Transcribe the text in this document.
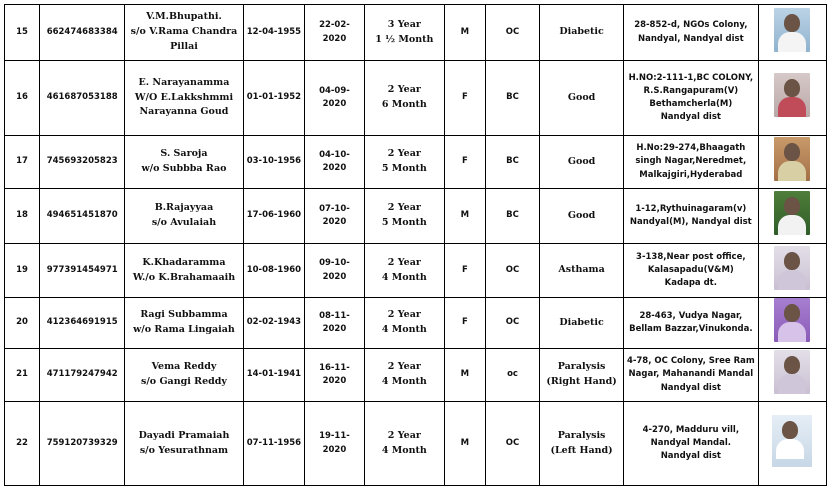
15	662474683384	V.M.Bhupathi.
s/o V.Rama Chandra
Pillai	12-04-1955	22-02-2020	3 Year
1 ½ Month	M	OC	Diabetic	28-852-d, NGOs Colony,
Nandyal, Nandyal dist	

16	461687053188	E. Narayanamma
W/O E.Lakkshmmi
Narayanna Goud	01-01-1952	04-09-2020	2 Year
6 Month	F	BC	Good	H.NO:2-111-1,BC COLONY,
R.S.Rangapuram(V)
Bethamcherla(M)
Nandyal dist	

17	745693205823	S. Saroja
w/o Subbba Rao	03-10-1956	04-10-2020	2 Year
5 Month	F	BC	Good	H.No:29-274,Bhaagath
singh Nagar,Neredmet,
Malkajgiri,Hyderabad	

18	494651451870	B.Rajayyaa
s/o Avulaiah	17-06-1960	07-10-2020	2 Year
5 Month	M	BC	Good	1-12,Rythuinagaram(v)
Nandyal(M), Nandyal dist	

19	977391454971	K.Khadaramma
W./o K.Brahamaaih	10-08-1960	09-10-2020	2 Year
4 Month	F	OC	Asthama	3-138,Near post office,
Kalasapadu(V&M)
Kadapa dt.	

20	412364691915	Ragi Subbamma
w/o Rama Lingaiah	02-02-1943	08-11-2020	2 Year
4 Month	F	OC	Diabetic	28-463, Vudya Nagar,
Bellam Bazzar,Vinukonda.	

21	471179247942	Vema Reddy
s/o Gangi Reddy	14-01-1941	16-11-2020	2 Year
4 Month	M	oc	Paralysis
(Right Hand)	4-78, OC Colony, Sree Ram
Nagar, Mahanandi Mandal
Nandyal dist	

22	759120739329	Dayadi Pramaiah
s/o Yesurathnam	07-11-1956	19-11-2020	2 Year
4 Month	M	OC	Paralysis
(Left Hand)	4-270, Madduru vill,
Nandyal Mandal.
Nandyal dist	
